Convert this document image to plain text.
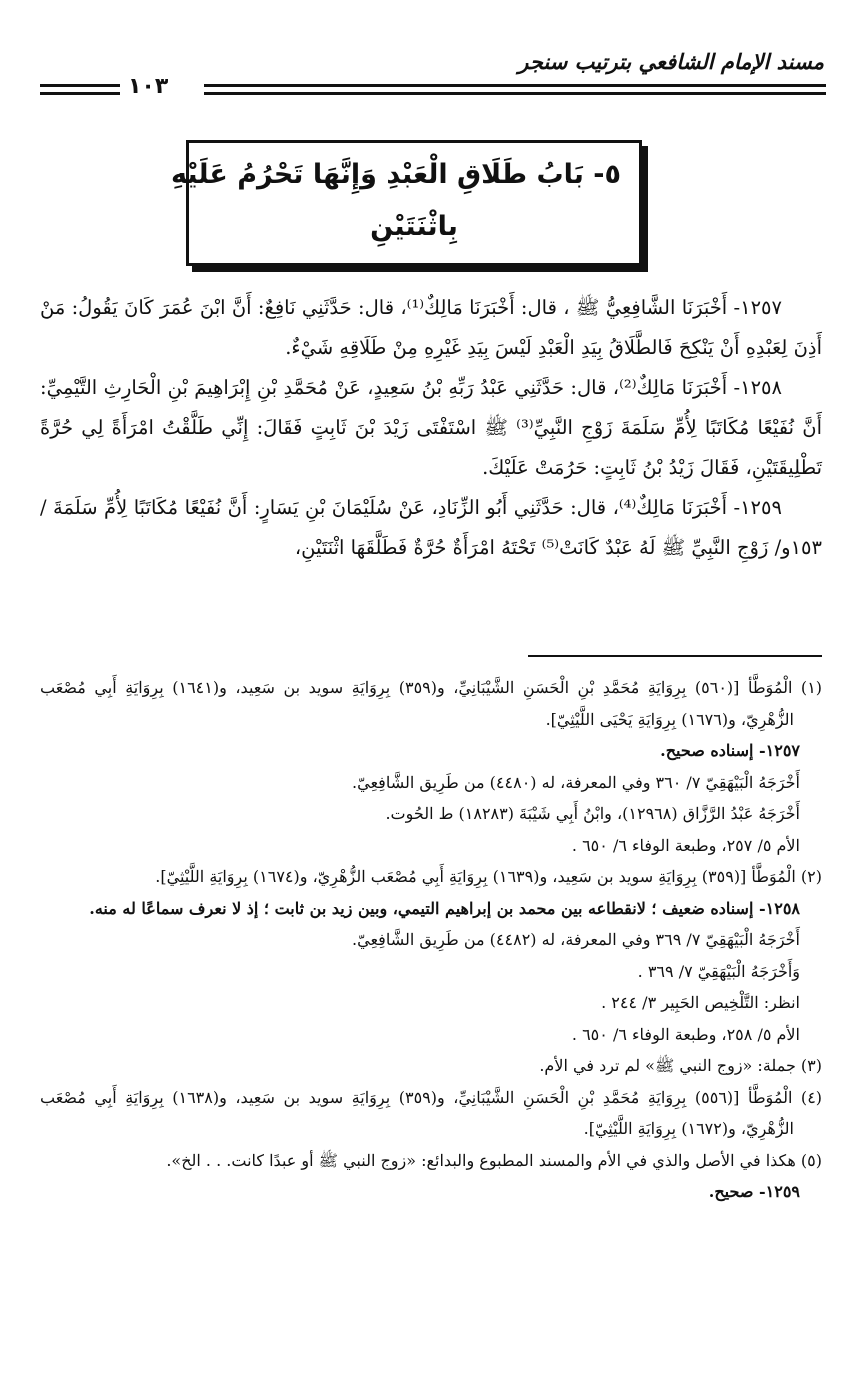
مسند الإمام الشافعي بترتيب سنجر
١٠٣
٥- بَابُ طَلَاقِ الْعَبْدِ وَإِنَّهَا تَحْرُمُ عَلَيْهِ
بِاثْنَتَيْنِ

١٢٥٧- أَخْبَرَنَا الشَّافِعِيُّ ﷺ ، قال: أَخْبَرَنَا مَالِكٌ⁽¹⁾، قال: حَدَّثَنِي نَافِعٌ: أَنَّ ابْنَ عُمَرَ كَانَ يَقُولُ: مَنْ أَذِنَ لِعَبْدِهِ أَنْ يَنْكِحَ فَالطَّلَاقُ بِيَدِ الْعَبْدِ لَيْسَ بِيَدِ غَيْرِهِ مِنْ طَلَاقِهِ شَيْءٌ.

١٢٥٨- أَخْبَرَنَا مَالِكٌ⁽²⁾، قال: حَدَّثَنِي عَبْدُ رَبِّهِ بْنُ سَعِيدٍ، عَنْ مُحَمَّدِ بْنِ إِبْرَاهِيمَ بْنِ الْحَارِثِ التَّيْمِيِّ: أَنَّ نُفَيْعًا مُكَاتَبًا لِأُمِّ سَلَمَةَ زَوْجِ النَّبِيِّ⁽³⁾ ﷺ اسْتَفْتَى زَيْدَ بْنَ ثَابِتٍ فَقَالَ: إِنِّي طَلَّقْتُ امْرَأَةً لِي حُرَّةً تَطْلِيقَتَيْنِ، فَقَالَ زَيْدُ بْنُ ثَابِتٍ: حَرُمَتْ عَلَيْكَ.

١٢٥٩- أَخْبَرَنَا مَالِكٌ⁽⁴⁾، قال: حَدَّثَنِي أَبُو الزِّنَادِ، عَنْ سُلَيْمَانَ بْنِ يَسَارٍ: أَنَّ نُفَيْعًا مُكَاتَبًا لِأُمِّ سَلَمَةَ /١٥٣و/ زَوْجِ النَّبِيِّ ﷺ لَهُ عَبْدٌ كَانَتْ⁽⁵⁾ تَحْتَهُ امْرَأَةٌ حُرَّةٌ فَطَلَّقَهَا اثْنَتَيْنِ،

(١) الْمُوَطَّأ [(٥٦٠) بِرِوَايَةِ مُحَمَّدِ بْنِ الْحَسَنِ الشَّيْبَانِيِّ، و(٣٥٩) بِرِوَايَةِ سويد بن سَعِيد، و(١٦٤١) بِرِوَايَةِ أَبِي مُصْعَب الزُّهْرِيّ، و(١٦٧٦) بِرِوَايَةِ يَحْيَى اللَّيْثِيّ].

١٢٥٧- إسناده صحيح.

أَخْرَجَهُ الْبَيْهَقِيّ ٧/ ٣٦٠ وفي المعرفة، له (٤٤٨٠) من طَرِيق الشَّافِعِيّ.

أَخْرَجَهُ عَبْدُ الرَّزَّاق (١٢٩٦٨)، وابْنُ أَبِي شَيْبَةَ (١٨٢٨٣) ط الحُوت.

الأم ٥/ ٢٥٧، وطبعة الوفاء ٦/ ٦٥٠ .

(٢) الْمُوَطَّأ [(٣٥٩) بِرِوَايَةِ سويد بن سَعِيد، و(١٦٣٩) بِرِوَايَةِ أَبِي مُصْعَب الزُّهْرِيّ، و(١٦٧٤) بِرِوَايَةِ اللَّيْثِيّ].

١٢٥٨- إسناده ضعيف ؛ لانقطاعه بين محمد بن إبراهيم التيمي، وبين زيد بن ثابت ؛ إذ لا نعرف سماعًا له منه.

أَخْرَجَهُ الْبَيْهَقِيّ ٧/ ٣٦٩ وفي المعرفة، له (٤٤٨٢) من طَرِيق الشَّافِعِيّ.

وَأَخْرَجَهُ الْبَيْهَقِيّ ٧/ ٣٦٩ .

انظر: التَّلْخِيص الحَبِير ٣/ ٢٤٤ .

الأم ٥/ ٢٥٨، وطبعة الوفاء ٦/ ٦٥٠ .

(٣) جملة: «زوج النبي ﷺ» لم ترد في الأم.

(٤) الْمُوَطَّأ [(٥٥٦) بِرِوَايَةِ مُحَمَّدِ بْنِ الْحَسَنِ الشَّيْبَانِيِّ، و(٣٥٩) بِرِوَايَةِ سويد بن سَعِيد، و(١٦٣٨) بِرِوَايَةِ أَبِي مُصْعَب الزُّهْرِيّ، و(١٦٧٢) بِرِوَايَةِ اللَّيْثِيّ].

(٥) هكذا في الأصل والذي في الأم والمسند المطبوع والبدائع: «زوج النبي ﷺ أو عبدًا كانت. . . الخ».

١٢٥٩- صحيح.
